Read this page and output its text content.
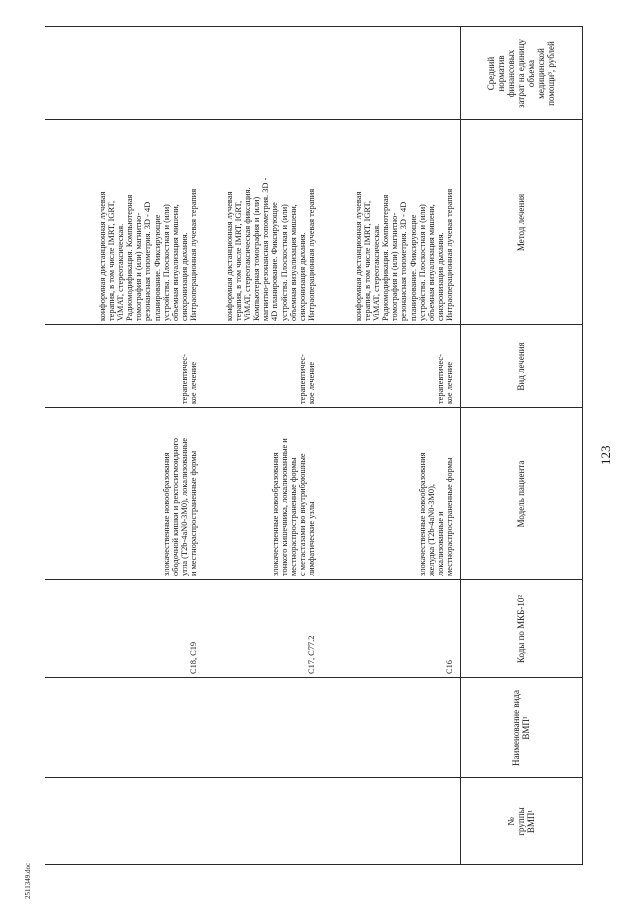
123
2511349.doc
№ группы ВМП¹
Наименование вида ВМП¹
Коды по МКБ-10²
Модель пациента
Вид лечения
Метод лечения
Средний норматив финансовых затрат на единицу объема медицинской помощи³, рублей
С16
злокачественные новообразования желудка (Т2b-4aN0-3M0), локализованные и местнораспространенные формы
терапевтичес- кое лечение
конформная дистанционная лучевая терапия, в том числе IMRT, IGRT, ViMAT, стереотаксическая. Радиомодификация. Компьютерная томография и (или) магнитно- резонансная топометрия. 3D - 4D планирование. Фиксирующие устройства. Плоскостная и (или) объемная визуализация мишени, синхронизация дыхания. Интраоперационная лучевая терапия
С17, С77.2
злокачественные новообразования тонкого кишечника, локализованные и местнораспространенные формы с метастазами во внутрибрюшные лимфатические узлы
терапевтичес- кое лечение
конформная дистанционная лучевая терапия, в том числе IMRT, IGRT, ViMAT, стереотаксическая фиксация. Компьютерная томография и (или) магнитно-резонансная топометрия. 3D - 4D планирование. Фиксирующие устройства. Плоскостная и (или) объемная визуализация мишени, синхронизация дыхания. Интраоперационная лучевая терапия
С18, С19
злокачественные новообразования ободочной кишки и ректосигмоидного угла (Т2b-4aN0-3M0), локализованные и местнораспространенные формы
терапевтичес- кое лечение
конформная дистанционная лучевая терапия, в том числе IMRT, IGRT, ViMAT, стереотаксическая. Радиомодификация. Компьютерная томография и (или) магнитно- резонансная топометрия. 3D - 4D планирование. Фиксирующие устройства. Плоскостная и (или) объемная визуализация мишени, синхронизация дыхания. Интраоперационная лучевая терапия
